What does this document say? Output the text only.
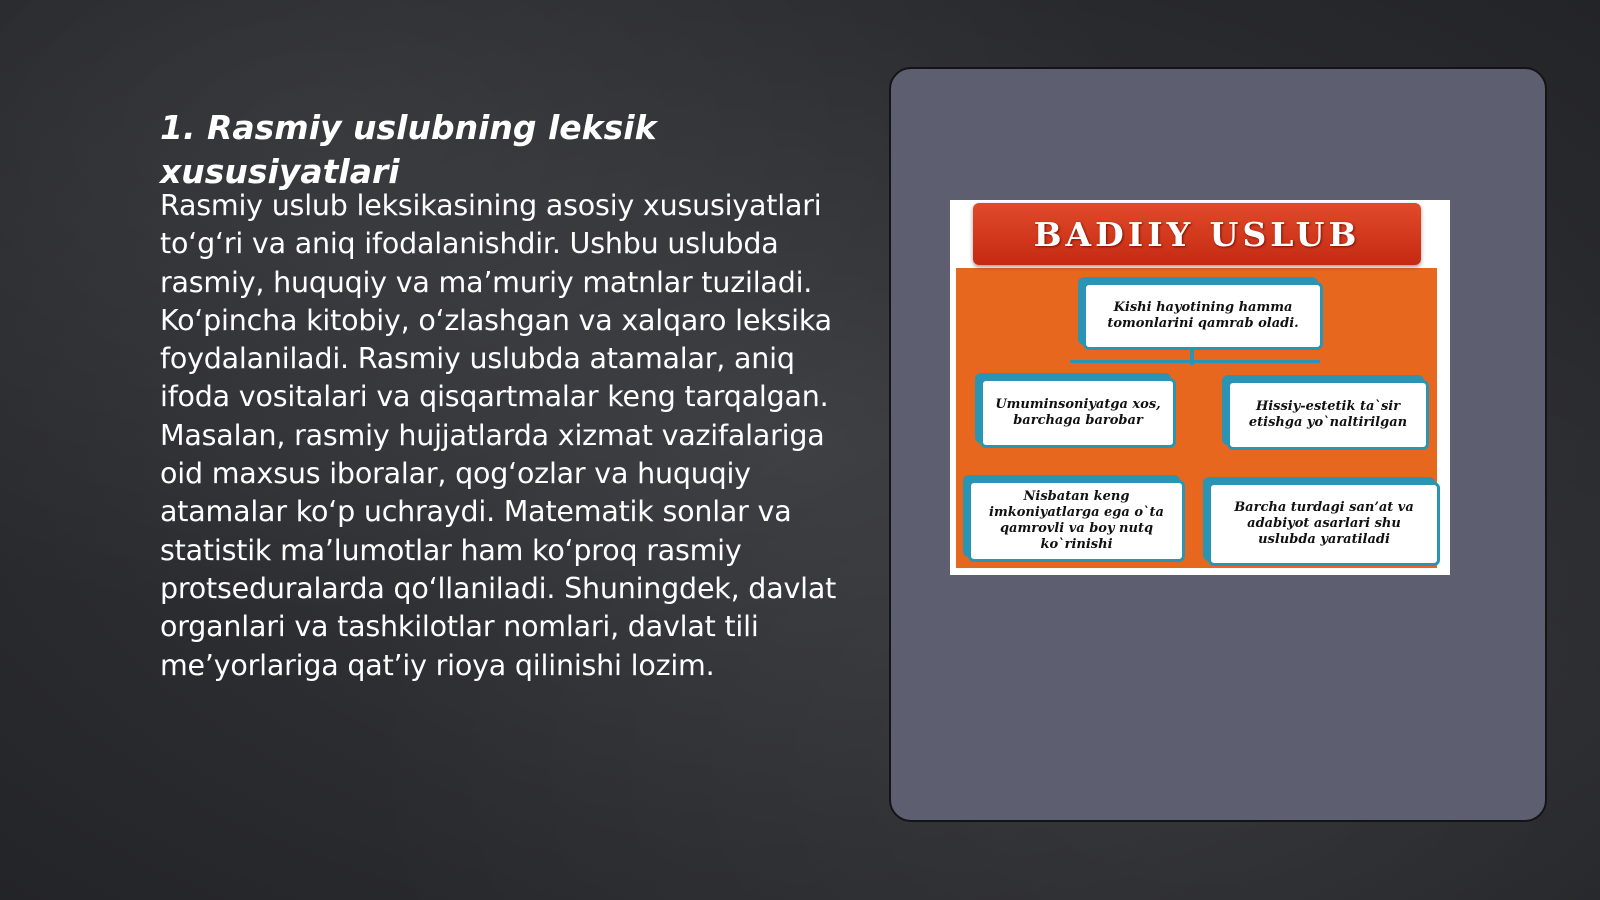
1. Rasmiy uslubning leksik xususiyatlari

Rasmiy uslub leksikasining asosiy xususiyatlari to‘g‘ri va aniq ifodalanishdir. Ushbu uslubda rasmiy, huquqiy va ma’muriy matnlar tuziladi. Ko‘pincha kitobiy, o‘zlashgan va xalqaro leksika foydalaniladi. Rasmiy uslubda atamalar, aniq ifoda vositalari va qisqartmalar keng tarqalgan. Masalan, rasmiy hujjatlarda xizmat vazifalariga oid maxsus iboralar, qog‘ozlar va huquqiy atamalar ko‘p uchraydi. Matematik sonlar va statistik ma’lumotlar ham ko‘proq rasmiy protseduralarda qo‘llaniladi. Shuningdek, davlat organlari va tashkilotlar nomlari, davlat tili me’yorlariga qat’iy rioya qilinishi lozim.

BADIIY USLUB
Kishi hayotining hamma tomonlarini qamrab oladi.
Umuminsoniyatga xos, barchaga barobar
Hissiy-estetik ta`sir etishga yo`naltirilgan
Nisbatan keng imkoniyatlarga ega o`ta qamrovli va boy nutq ko`rinishi
Barcha turdagi san’at va adabiyot asarlari shu uslubda yaratiladi
